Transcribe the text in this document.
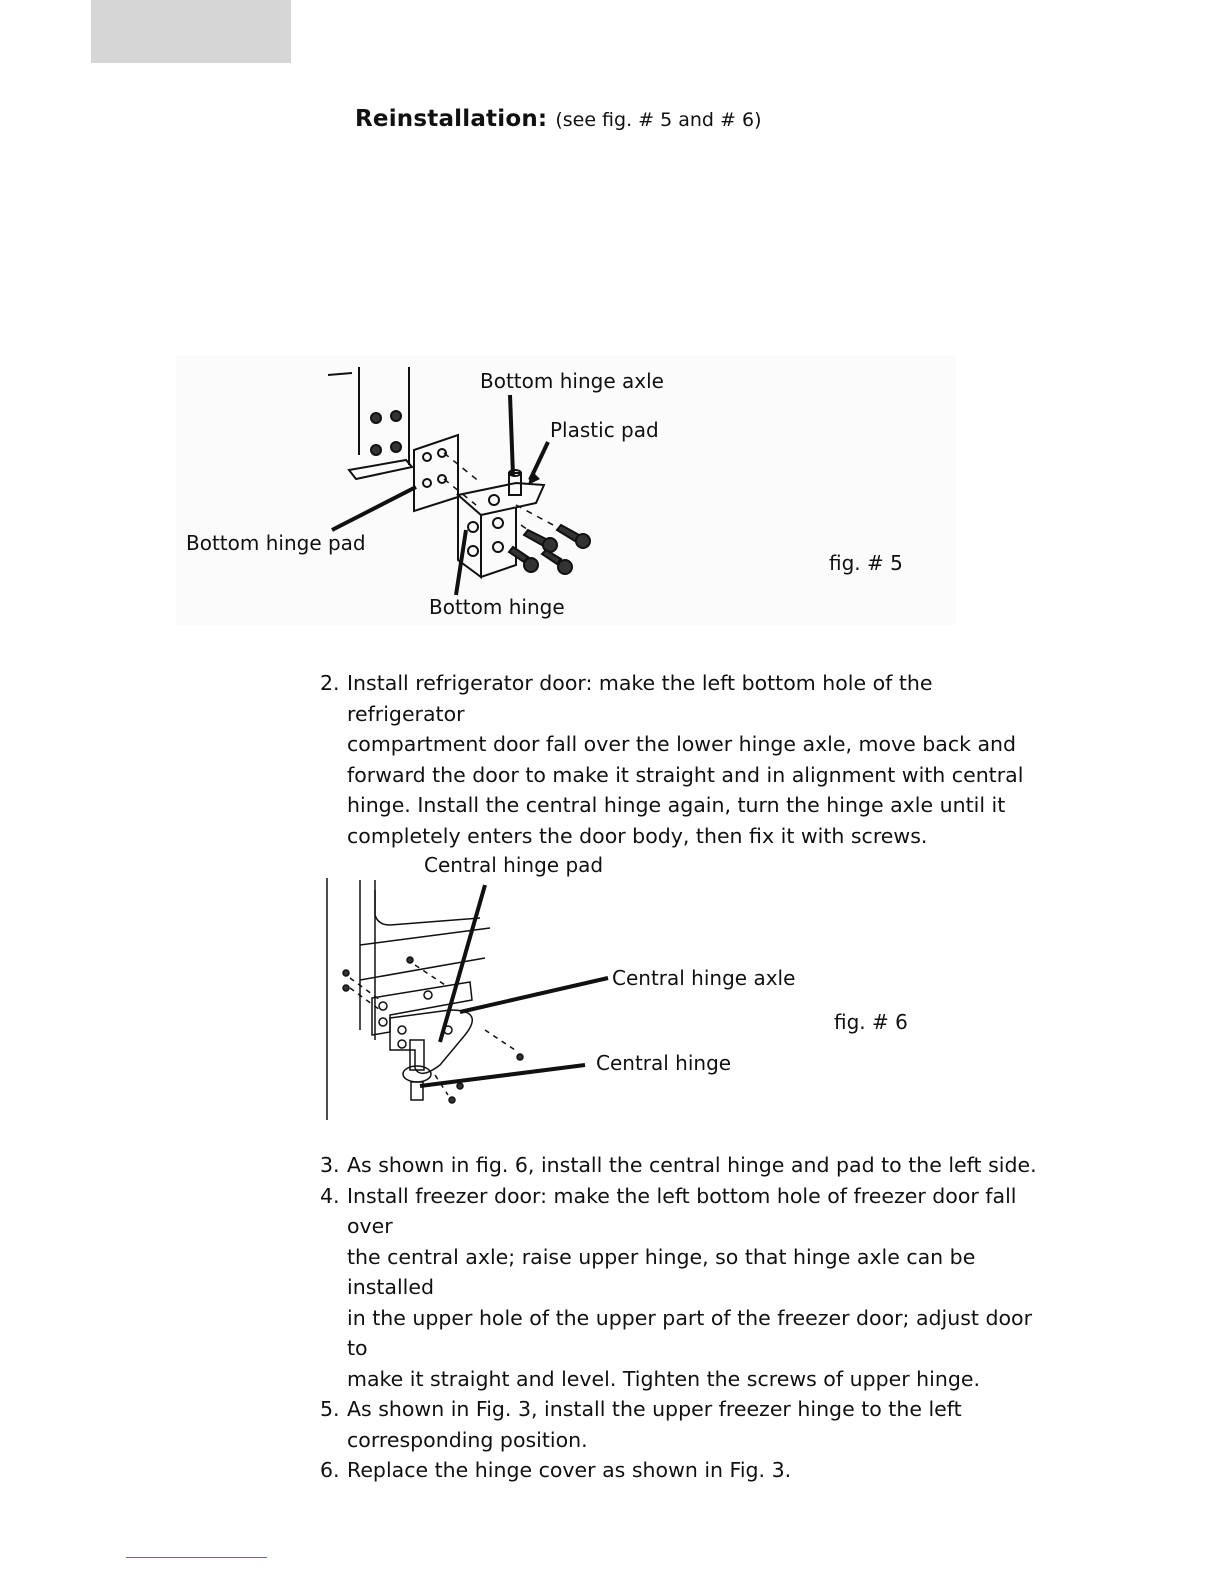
Reinstallation: (see fig. # 5 and # 6)
Bottom hinge axle
Plastic pad
Bottom hinge pad
Bottom hinge
fig. # 5
2. Install refrigerator door: make the left bottom hole of the refrigerator
compartment door fall over the lower hinge axle, move back and
forward the door to make it straight and in alignment with central
hinge. Install the central hinge again, turn the hinge axle until it
completely enters the door body, then fix it with screws.
Central hinge pad
Central hinge axle
Central hinge
fig. # 6
3. As shown in fig. 6, install the central hinge and pad to the left side.
4. Install freezer door: make the left bottom hole of freezer door fall over
the central axle; raise upper hinge, so that hinge axle can be installed
in the upper hole of the upper part of the freezer door; adjust door to
make it straight and level. Tighten the screws of upper hinge.
5. As shown in Fig. 3, install the upper freezer hinge to the left
corresponding position.
6. Replace the hinge cover as shown in Fig. 3.
